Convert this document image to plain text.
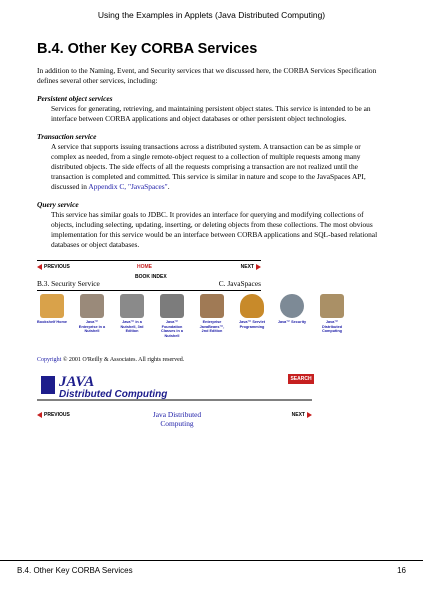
Using the Examples in Applets (Java Distributed Computing)
B.4. Other Key CORBA Services

In addition to the Naming, Event, and Security services that we discussed here, the CORBA Services Specification defines several other services, including:

Persistent object services

Services for generating, retrieving, and maintaining persistent object states. This service is intended to be an interface between CORBA applications and object databases or other persistent object technologies.

Transaction service

A service that supports issuing transactions across a distributed system. A transaction can be as simple or complex as needed, from a single remote-object request to a collection of multiple requests among many distributed objects. The side effects of all the requests comprising a transaction are not realized until the transaction is completed and committed. This service is similar in nature and scope to the JavaSpaces API, discussed in Appendix C, "JavaSpaces".

Query service

This service has similar goals to JDBC. It provides an interface for querying and modifying collections of objects, including selecting, updating, inserting, or deleting objects from these collections. The most obvious implementation for this service would be an interface between CORBA applications and SQL-based relational databases or object databases.

PREVIOUS	HOME
BOOK INDEX
NEXT
B.3. Security Service	C. JavaSpaces
Bookshelf Home	Java™ Enterprise in a Nutshell
Java™ in a Nutshell, 3rd Edition
Java™ Foundation Classes in a Nutshell
Enterprise JavaBeans™, 2nd Edition
Java™ Servlet Programming
Java™ Security	Java™ Distributed Computing
Copyright © 2001 O'Reilly & Associates. All rights reserved.
JAVA
Distributed Computing
SEARCH
PREVIOUS	Java Distributed Computing
NEXT
B.4. Other Key CORBA Services	16
